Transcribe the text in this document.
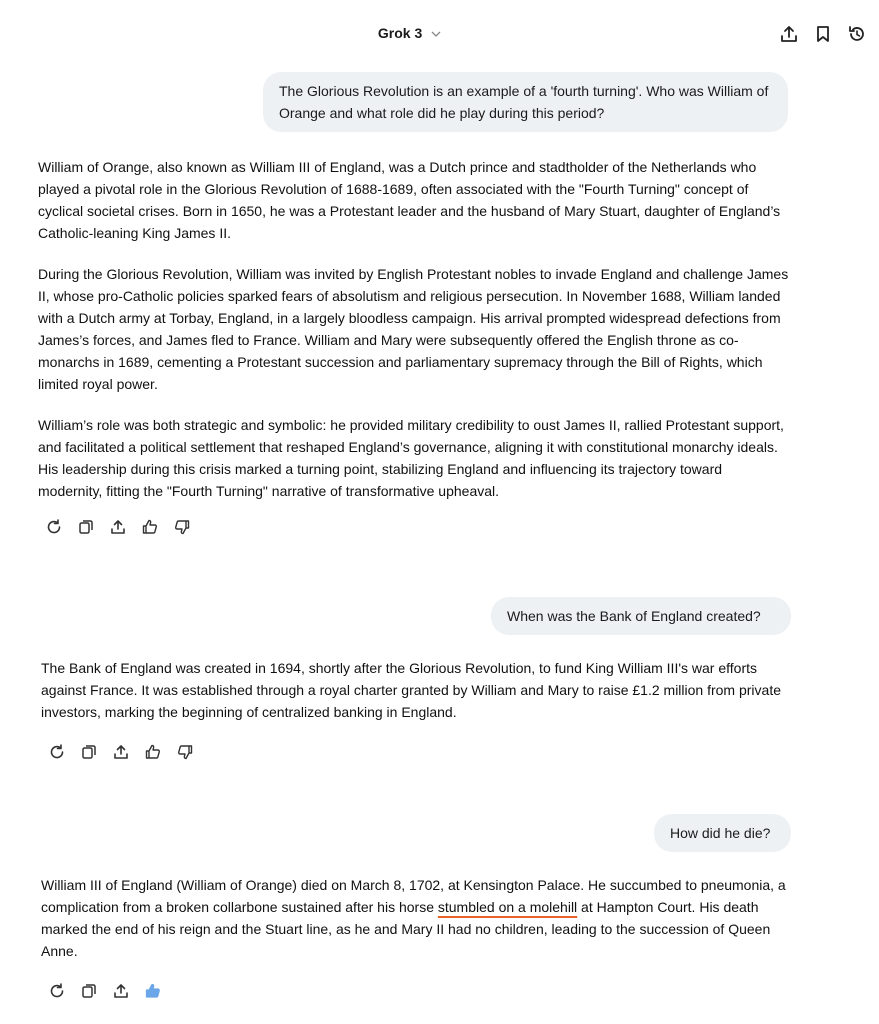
Grok 3
The Glorious Revolution is an example of a 'fourth turning'. Who was William of Orange and what role did he play during this period?

William of Orange, also known as William III of England, was a Dutch prince and stadtholder of the Netherlands who played a pivotal role in the Glorious Revolution of 1688-1689, often associated with the "Fourth Turning" concept of cyclical societal crises. Born in 1650, he was a Protestant leader and the husband of Mary Stuart, daughter of England’s Catholic-leaning King James II.

During the Glorious Revolution, William was invited by English Protestant nobles to invade England and challenge James II, whose pro-Catholic policies sparked fears of absolutism and religious persecution. In November 1688, William landed with a Dutch army at Torbay, England, in a largely bloodless campaign. His arrival prompted widespread defections from James’s forces, and James fled to France. William and Mary were subsequently offered the English throne as co-monarchs in 1689, cementing a Protestant succession and parliamentary supremacy through the Bill of Rights, which limited royal power.

William’s role was both strategic and symbolic: he provided military credibility to oust James II, rallied Protestant support, and facilitated a political settlement that reshaped England’s governance, aligning it with constitutional monarchy ideals. His leadership during this crisis marked a turning point, stabilizing England and influencing its trajectory toward modernity, fitting the "Fourth Turning" narrative of transformative upheaval.

When was the Bank of England created?

The Bank of England was created in 1694, shortly after the Glorious Revolution, to fund King William III's war efforts against France. It was established through a royal charter granted by William and Mary to raise £1.2 million from private investors, marking the beginning of centralized banking in England.

How did he die?

William III of England (William of Orange) died on March 8, 1702, at Kensington Palace. He succumbed to pneumonia, a complication from a broken collarbone sustained after his horse stumbled on a molehill at Hampton Court. His death marked the end of his reign and the Stuart line, as he and Mary II had no children, leading to the succession of Queen Anne.
